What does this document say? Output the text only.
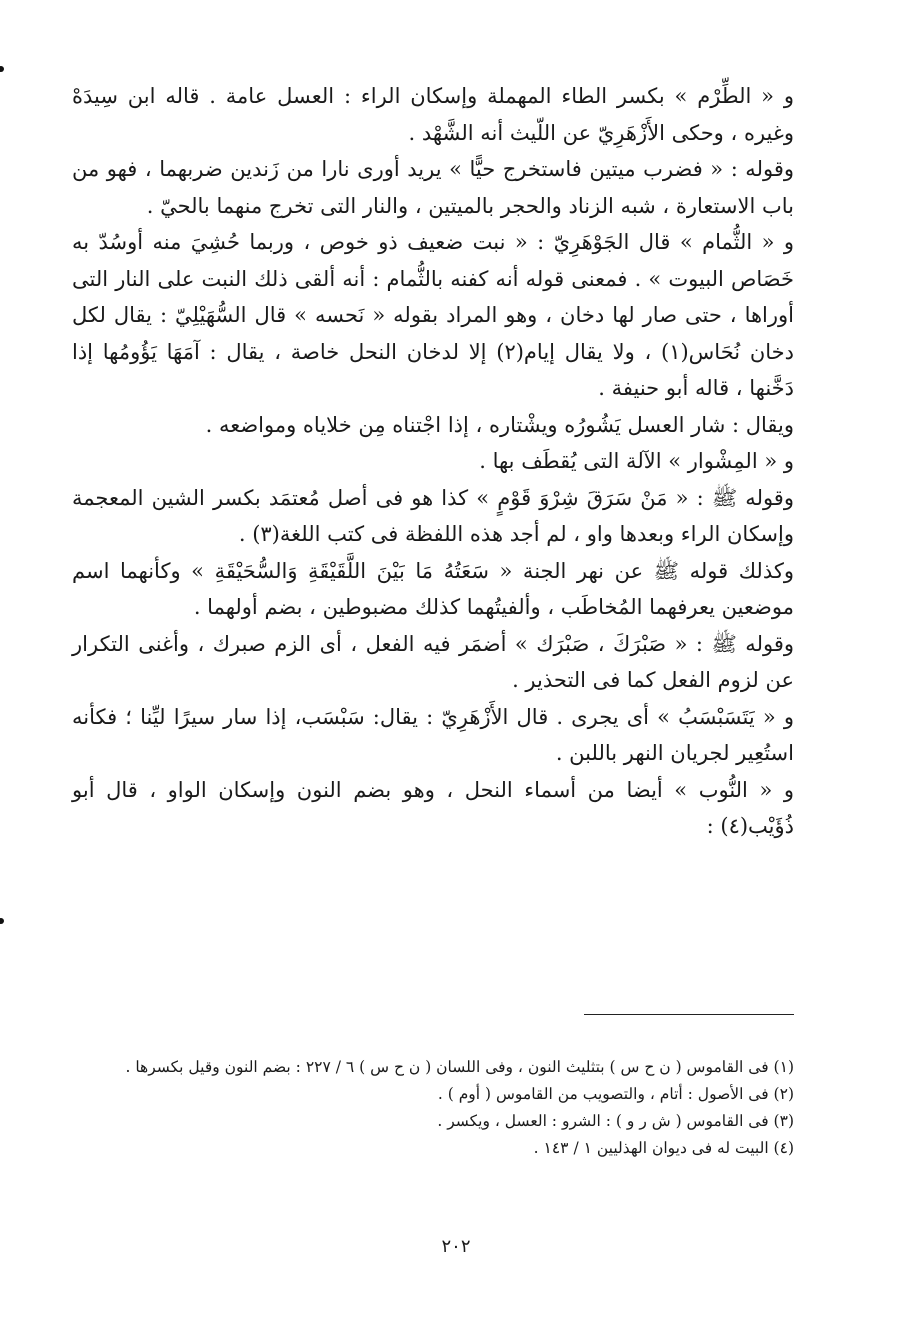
و « الطِّرْم » بكسر الطاء المهملة وإسكان الراء : العسل عامة . قاله ابن سِيدَهْ وغيره ، وحكى الأَزْهَرِيّ عن اللّيث أنه الشَّهْد .

وقوله : « فضرب ميتين فاستخرج حيًّا » يريد أورى نارا من زَندين ضربهما ، فهو من باب الاستعارة ، شبه الزناد والحجر بالميتين ، والنار التى تخرج منهما بالحيّ .

و « الثُّمام » قال الجَوْهَرِيّ : « نبت ضعيف ذو خوص ، وربما حُشِيَ منه أوسُدّ به خَصَاص البيوت » . فمعنى قوله أنه كفنه بالثُّمام : أنه ألقى ذلك النبت على النار التى أوراها ، حتى صار لها دخان ، وهو المراد بقوله « نَحسه » قال السُّهَيْلِيّ : يقال لكل دخان نُحَاس(١) ، ولا يقال إيام(٢) إلا لدخان النحل خاصة ، يقال : آمَهَا يَؤُومُها إذا دَخَّنها ، قاله أبو حنيفة .

ويقال : شار العسل يَشُورُه ويشْتاره ، إذا اجْتناه مِن خلاياه ومواضعه .

و « المِشْوار » الآلة التى يُقطَف بها .

وقوله ﷺ : « مَنْ سَرَقَ شِرْوَ قَوْمٍ » كذا هو فى أصل مُعتمَد بكسر الشين المعجمة وإسكان الراء وبعدها واو ، لم أجد هذه اللفظة فى كتب اللغة(٣) .

وكذلك قوله ﷺ عن نهر الجنة « سَعَتُهُ مَا بَيْنَ اللَّقَيْقَةِ وَالسُّحَيْقَةِ » وكأنهما اسم موضعين يعرفهما المُخاطَب ، وألفيتُهما كذلك مضبوطين ، بضم أولهما .

وقوله ﷺ : « صَبْرَكَ ، صَبْرَك » أضمَر فيه الفعل ، أى الزم صبرك ، وأغنى التكرار عن لزوم الفعل كما فى التحذير .

و « يَتَسَبْسَبُ » أى يجرى . قال الأَزْهَرِيّ : يقال: سَبْسَب، إذا سار سيرًا ليِّنا ؛ فكأنه استُعِير لجريان النهر باللبن .

و « النُّوب » أيضا من أسماء النحل ، وهو بضم النون وإسكان الواو ، قال أبو ذُؤَيْب(٤) :

(١) فى القاموس ( ن ح س ) بتثليث النون ، وفى اللسان ( ن ح س ) ٦ / ٢٢٧ : بضم النون وقيل بكسرها .

(٢) فى الأصول : أتام ، والتصويب من القاموس ( أوم ) .

(٣) فى القاموس ( ش ر و ) : الشرو : العسل ، ويكسر .

(٤) البيت له فى ديوان الهذليين ١ / ١٤٣ .

٢٠٢
